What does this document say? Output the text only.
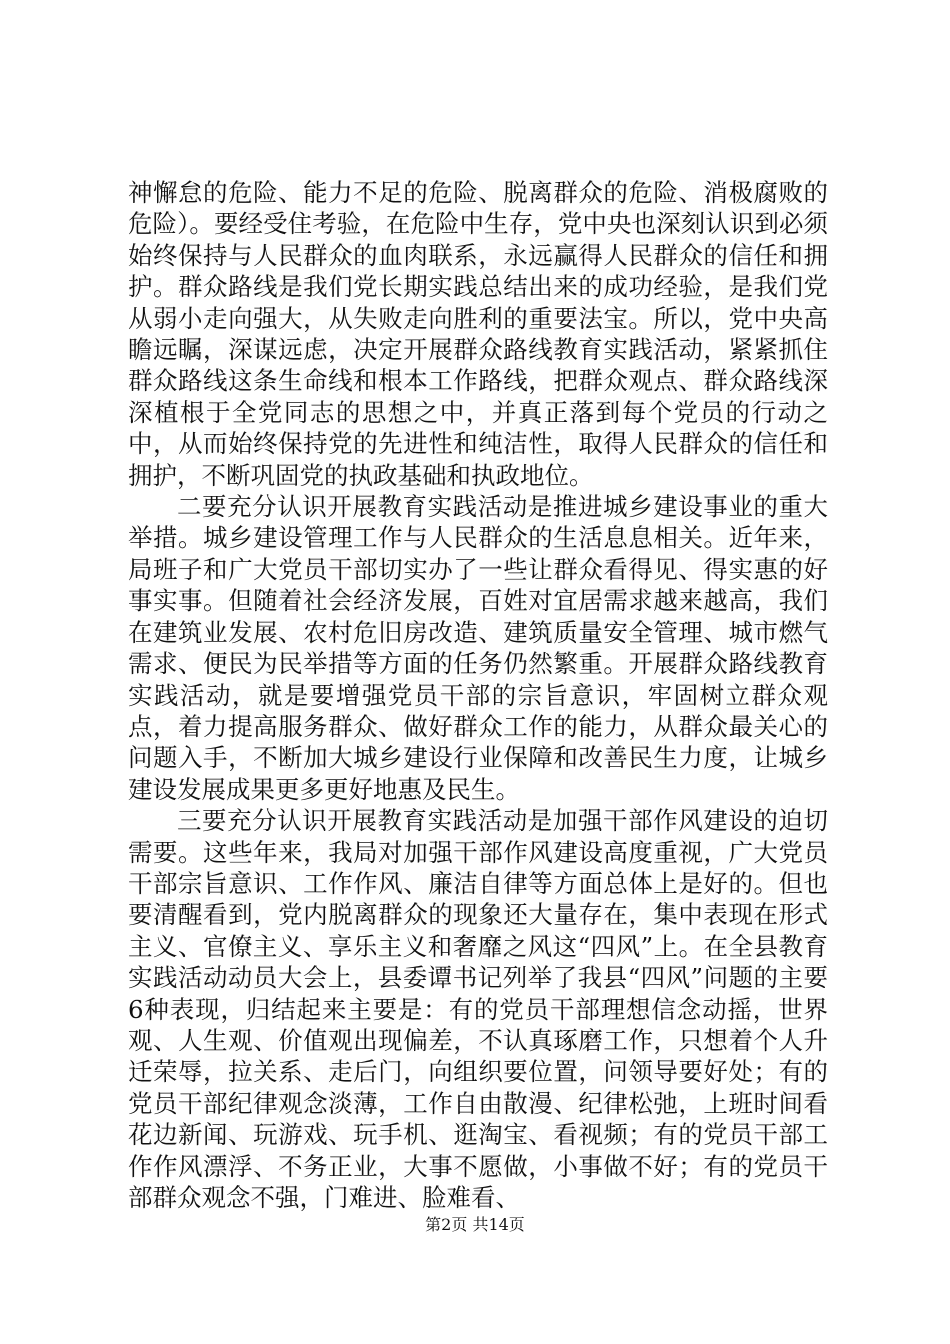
神懈怠的危险、能力不足的危险、脱离群众的危险、消极腐败的危险）。要经受住考验，在危险中生存，党中央也深刻认识到必须始终保持与人民群众的血肉联系，永远赢得人民群众的信任和拥护。群众路线是我们党长期实践总结出来的成功经验，是我们党从弱小走向强大，从失败走向胜利的重要法宝。所以，党中央高瞻远瞩，深谋远虑，决定开展群众路线教育实践活动，紧紧抓住群众路线这条生命线和根本工作路线，把群众观点、群众路线深深植根于全党同志的思想之中，并真正落到每个党员的行动之中，从而始终保持党的先进性和纯洁性，取得人民群众的信任和拥护，不断巩固党的执政基础和执政地位。

二要充分认识开展教育实践活动是推进城乡建设事业的重大举措。城乡建设管理工作与人民群众的生活息息相关。近年来，局班子和广大党员干部切实办了一些让群众看得见、得实惠的好事实事。但随着社会经济发展，百姓对宜居需求越来越高，我们在建筑业发展、农村危旧房改造、建筑质量安全管理、城市燃气需求、便民为民举措等方面的任务仍然繁重。开展群众路线教育实践活动，就是要增强党员干部的宗旨意识，牢固树立群众观点，着力提高服务群众、做好群众工作的能力，从群众最关心的问题入手，不断加大城乡建设行业保障和改善民生力度，让城乡建设发展成果更多更好地惠及民生。

三要充分认识开展教育实践活动是加强干部作风建设的迫切需要。这些年来，我局对加强干部作风建设高度重视，广大党员干部宗旨意识、工作作风、廉洁自律等方面总体上是好的。但也要清醒看到，党内脱离群众的现象还大量存在，集中表现在形式主义、官僚主义、享乐主义和奢靡之风这“四风”上。在全县教育实践活动动员大会上，县委谭书记列举了我县“四风”问题的主要6种表现，归结起来主要是：有的党员干部理想信念动摇，世界观、人生观、价值观出现偏差，不认真琢磨工作，只想着个人升迁荣辱，拉关系、走后门，向组织要位置，问领导要好处；有的党员干部纪律观念淡薄，工作自由散漫、纪律松弛，上班时间看花边新闻、玩游戏、玩手机、逛淘宝、看视频；有的党员干部工作作风漂浮、不务正业，大事不愿做，小事做不好；有的党员干部群众观念不强，门难进、脸难看、

第2页 共14页
